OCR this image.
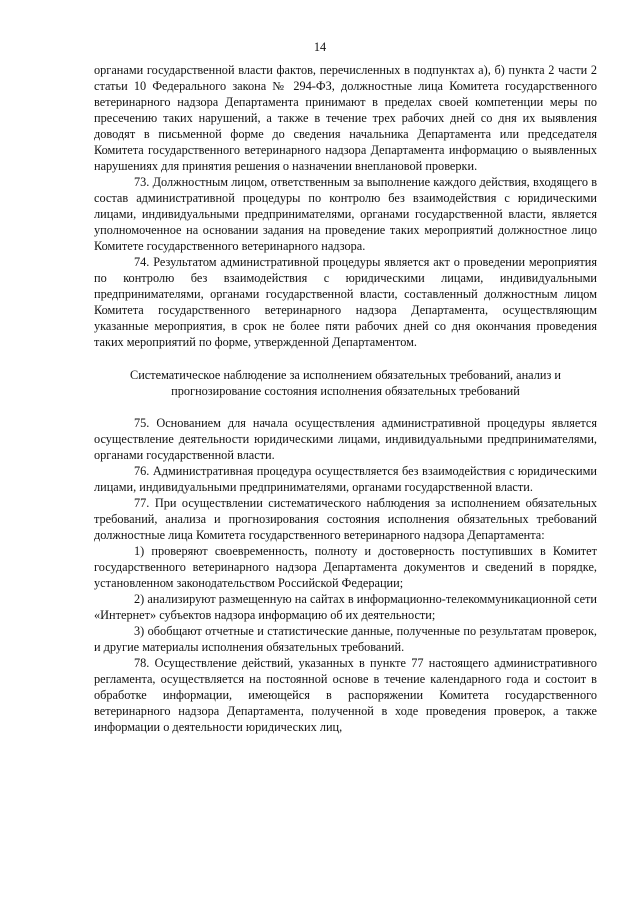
14

органами государственной власти фактов, перечисленных в подпунктах а), б) пункта 2 части 2 статьи 10 Федерального закона № 294-ФЗ, должностные лица Комитета государственного ветеринарного надзора Департамента принимают в пределах своей компетенции меры по пресечению таких нарушений, а также в течение трех рабочих дней со дня их выявления доводят в письменной форме до сведения начальника Департамента или председателя Комитета государственного ветеринарного надзора Департамента информацию о выявленных нарушениях для принятия решения о назначении внеплановой проверки.

73. Должностным лицом, ответственным за выполнение каждого действия, входящего в состав административной процедуры по контролю без взаимодействия с юридическими лицами, индивидуальными предпринимателями, органами государственной власти, является уполномоченное на основании задания на проведение таких мероприятий должностное лицо Комитете государственного ветеринарного надзора.

74. Результатом административной процедуры является акт о проведении мероприятия по контролю без взаимодействия с юридическими лицами, индивидуальными предпринимателями, органами государственной власти, составленный должностным лицом Комитета государственного ветеринарного надзора Департамента, осуществляющим указанные мероприятия, в срок не более пяти рабочих дней со дня окончания проведения таких мероприятий по форме, утвержденной Департаментом.

Систематическое наблюдение за исполнением обязательных требований, анализ и
прогнозирование состояния исполнения обязательных требований

75. Основанием для начала осуществления административной процедуры является осуществление деятельности юридическими лицами, индивидуальными предпринимателями, органами государственной власти.

76. Административная процедура осуществляется без взаимодействия с юридическими лицами, индивидуальными предпринимателями, органами государственной власти.

77. При осуществлении систематического наблюдения за исполнением обязательных требований, анализа и прогнозирования состояния исполнения обязательных требований должностные лица Комитета государственного ветеринарного надзора Департамента:

1) проверяют своевременность, полноту и достоверность поступивших в Комитет государственного ветеринарного надзора Департамента документов и сведений в порядке, установленном законодательством Российской Федерации;

2) анализируют размещенную на сайтах в информационно-телекоммуникационной сети «Интернет» субъектов надзора информацию об их деятельности;

3) обобщают отчетные и статистические данные, полученные по результатам проверок, и другие материалы исполнения обязательных требований.

78. Осуществление действий, указанных в пункте 77 настоящего административного регламента, осуществляется на постоянной основе в течение календарного года и состоит в обработке информации, имеющейся в распоряжении Комитета государственного ветеринарного надзора Департамента, полученной в ходе проведения проверок, а также информации о деятельности юридических лиц,
